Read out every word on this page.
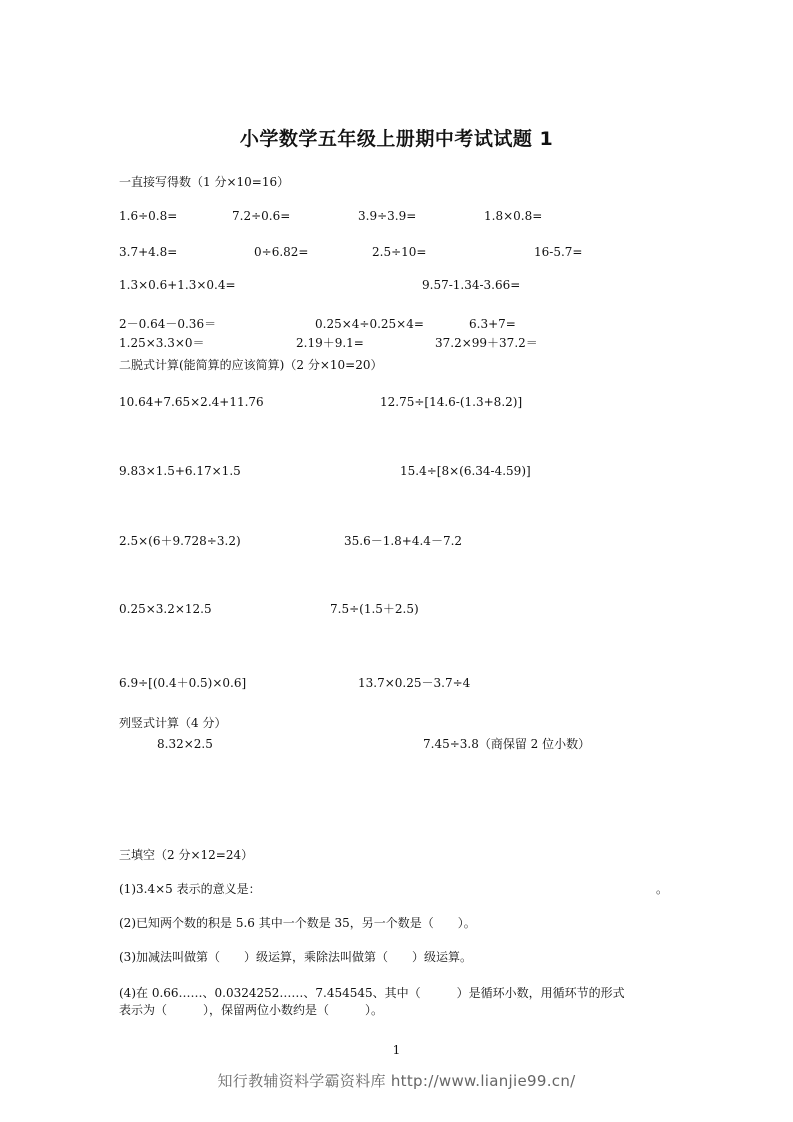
小学数学五年级上册期中考试试题 1
一直接写得数（1 分×10=16）
1.6÷0.8=	7.2÷0.6=	3.9÷3.9=	1.8×0.8=
3.7+4.8=	0÷6.82=	2.5÷10=	16-5.7=
1.3×0.6+1.3×0.4=	9.57-1.34-3.66=
2－0.64－0.36＝	0.25×4÷0.25×4=	6.3+7=
1.25×3.3×0＝	2.19＋9.1=	37.2×99＋37.2＝
二脱式计算(能简算的应该简算)（2 分×10=20）
10.64+7.65×2.4+11.76	12.75÷[14.6-(1.3+8.2)]
9.83×1.5+6.17×1.5	15.4÷[8×(6.34-4.59)]
2.5×(6＋9.728÷3.2)	35.6－1.8+4.4－7.2
0.25×3.2×12.5	7.5÷(1.5＋2.5)
6.9÷[(0.4＋0.5)×0.6]	13.7×0.25－3.7÷4
列竖式计算（4 分）
8.32×2.5	7.45÷3.8（商保留 2 位小数）
三填空（2 分×12=24）
(1)3.4×5 表示的意义是：	。
(2)已知两个数的积是 5.6 其中一个数是 35，另一个数是（　　）。
(3)加减法叫做第（　　）级运算，乘除法叫做第（　　）级运算。
(4)在 0.66……、0.0324252……、7.454545、其中（　　　）是循环小数，用循环节的形式
表示为（　　　），保留两位小数约是（　　　）。
1
知行教辅资料学霸资料库 http://www.lianjie99.cn/
